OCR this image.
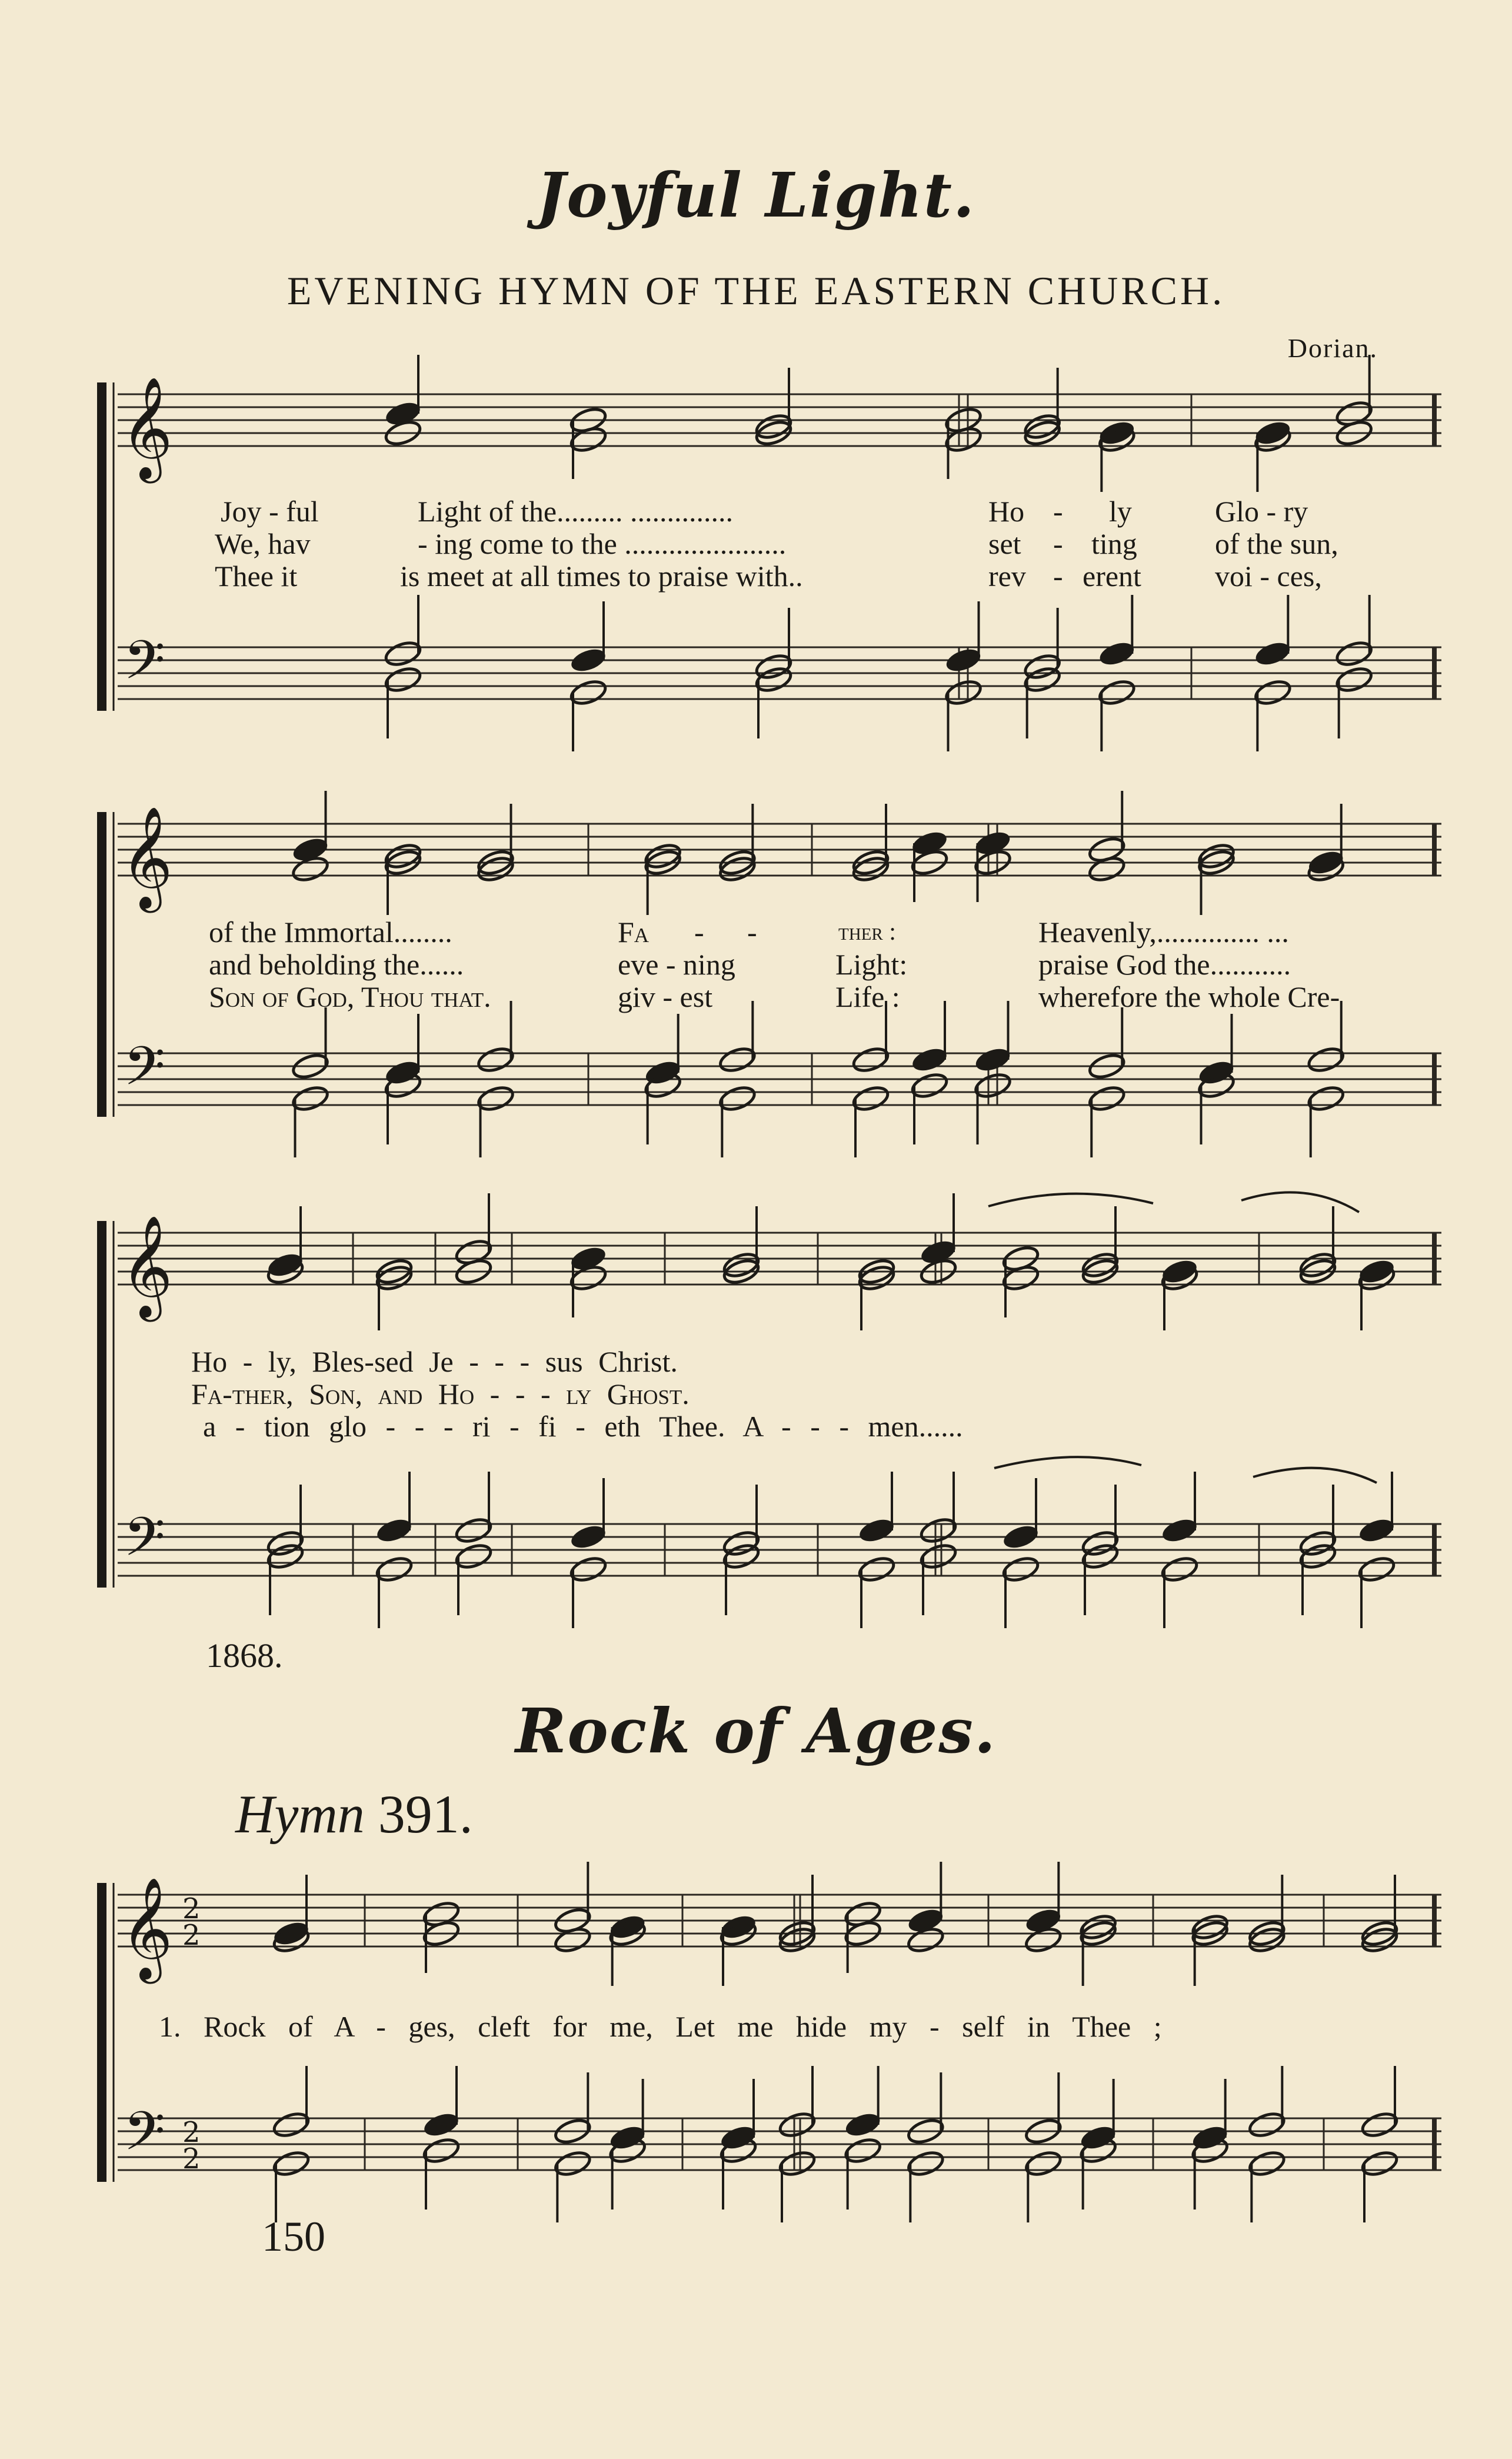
Joyful Light.
EVENING HYMN OF THE EASTERN CHURCH.
Dorian.
Joy - ful	Light of the......... ..............	Ho - ly	Glo - ry
We, hav	- ing come to the ......................	set - ting	of the sun,
Thee it	is meet at all times to praise with..	rev - erent	voi - ces,
of the Immortal........	Fa - -	ther :	Heavenly,.............. ...
and beholding the......	eve - ning	Light:	praise God the...........
Son of God, Thou that.	giv - est	Life :	wherefore the whole Cre-
Ho - ly, Bles-sed Je - - - sus Christ.
Fa-ther, Son, and Ho - - - ly Ghost.
a - tion glo - - - ri - fi - eth Thee. A - - - men......
1868.
Rock of Ages.
Hymn 391.
1. Rock of A - ges, cleft for me, Let me hide my - self in Thee ;
150
𝄞
𝄢
𝄞
𝄢
𝄞
𝄢
𝄞
𝄢
2
2
2
2
